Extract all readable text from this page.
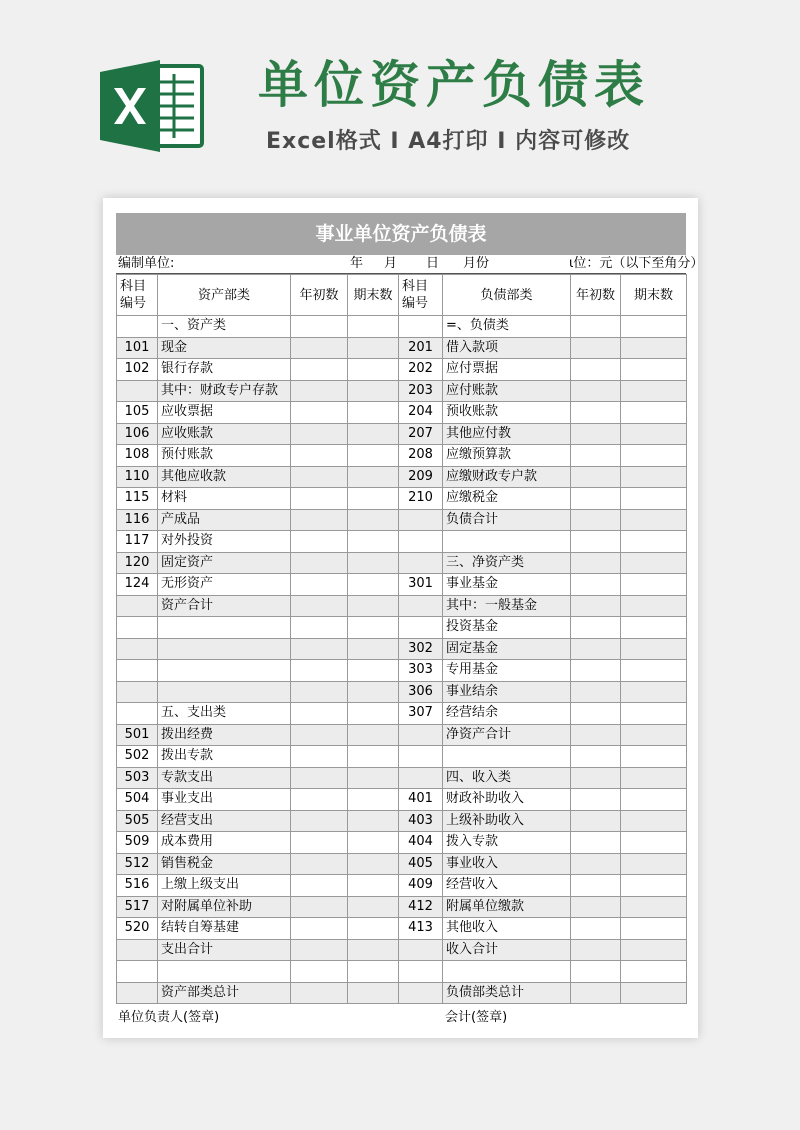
单位资产负债表
Excel格式 Ⅰ A4打印 Ⅰ 内容可修改
事业单位资产负债表
编制单位:	年 月 日 月份	ι位：元（以下至角分）
科目编号	资产部类	年初数	期末数	科目编号	负债部类	年初数	期末数
	一、资产类				=、负债类		
101	现金			201	借入款项		
102	银行存款			202	应付票据		
	其中：财政专户存款			203	应付账款		
105	应收票据			204	预收账款		
106	应收账款			207	其他应付教		
108	预付账款			208	应缴预算款		
110	其他应收款			209	应缴财政专户款		
115	材料			210	应缴税金		
116	产成品				负债合计		
117	对外投资						
120	固定资产				三、净资产类		
124	无形资产			301	事业基金		
	资产合计				其中：一般基金		
					投资基金		
				302	固定基金		
				303	专用基金		
				306	事业结余		
	五、支出类			307	经营结余		
501	拨出经费				净资产合计		
502	拨出专款						
503	专款支出				四、收入类		
504	事业支出			401	财政补助收入		
505	经营支出			403	上级补助收入		
509	成本费用			404	拨入专款		
512	销售税金			405	事业收入		
516	上缴上级支出			409	经营收入		
517	对附属单位补助			412	附属单位缴款		
520	结转自筹基建			413	其他收入		
	支出合计				收入合计		

	资产部类总计				负债部类总计		
单位负责人(签章)	会计(签章)
